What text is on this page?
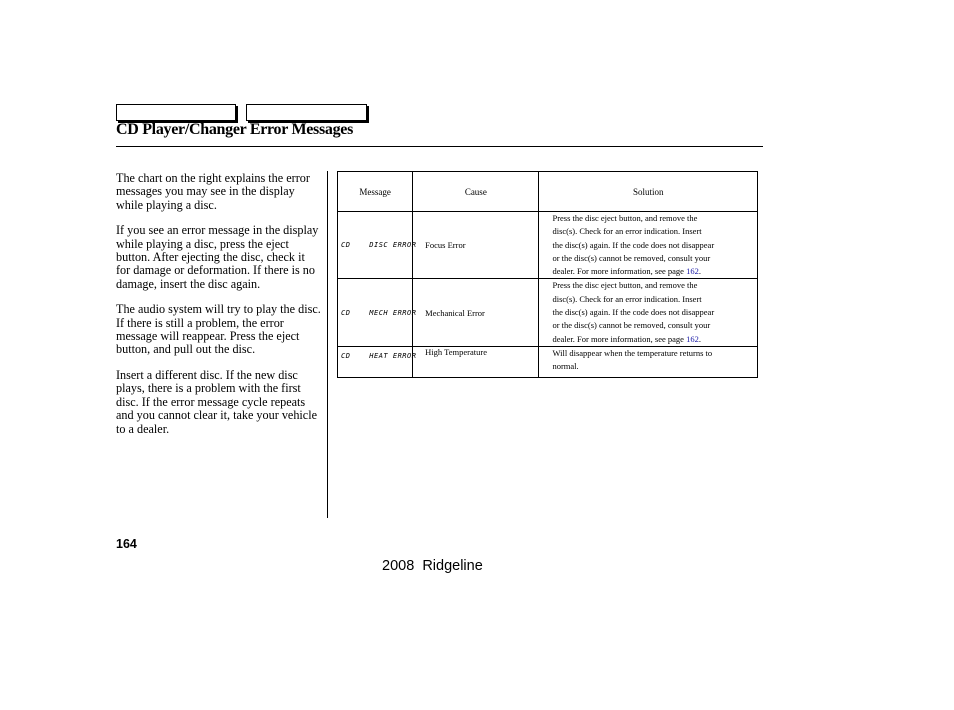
CD Player/Changer Error Messages

The chart on the right explains the error messages you may see in the display while playing a disc.

If you see an error message in the display while playing a disc, press the eject button. After ejecting the disc, check it for damage or deformation. If there is no damage, insert the disc again.

The audio system will try to play the disc. If there is still a problem, the error message will reappear. Press the eject button, and pull out the disc.

Insert a different disc. If the new disc plays, there is a problem with the first disc. If the error message cycle repeats and you cannot clear it, take your vehicle to a dealer.

Message	Cause	Solution
CD    DISC ERROR	Focus Error	Press the disc eject button, and remove the
disc(s). Check for an error indication. Insert
the disc(s) again. If the code does not disappear
or the disc(s) cannot be removed, consult your
dealer. For more information, see page 162.

CD    MECH ERROR	Mechanical Error	Press the disc eject button, and remove the
disc(s). Check for an error indication. Insert
the disc(s) again. If the code does not disappear
or the disc(s) cannot be removed, consult your
dealer. For more information, see page 162.

CD    HEAT ERROR	High Temperature	Will disappear when the temperature returns to
normal.
164
2008  Ridgeline
